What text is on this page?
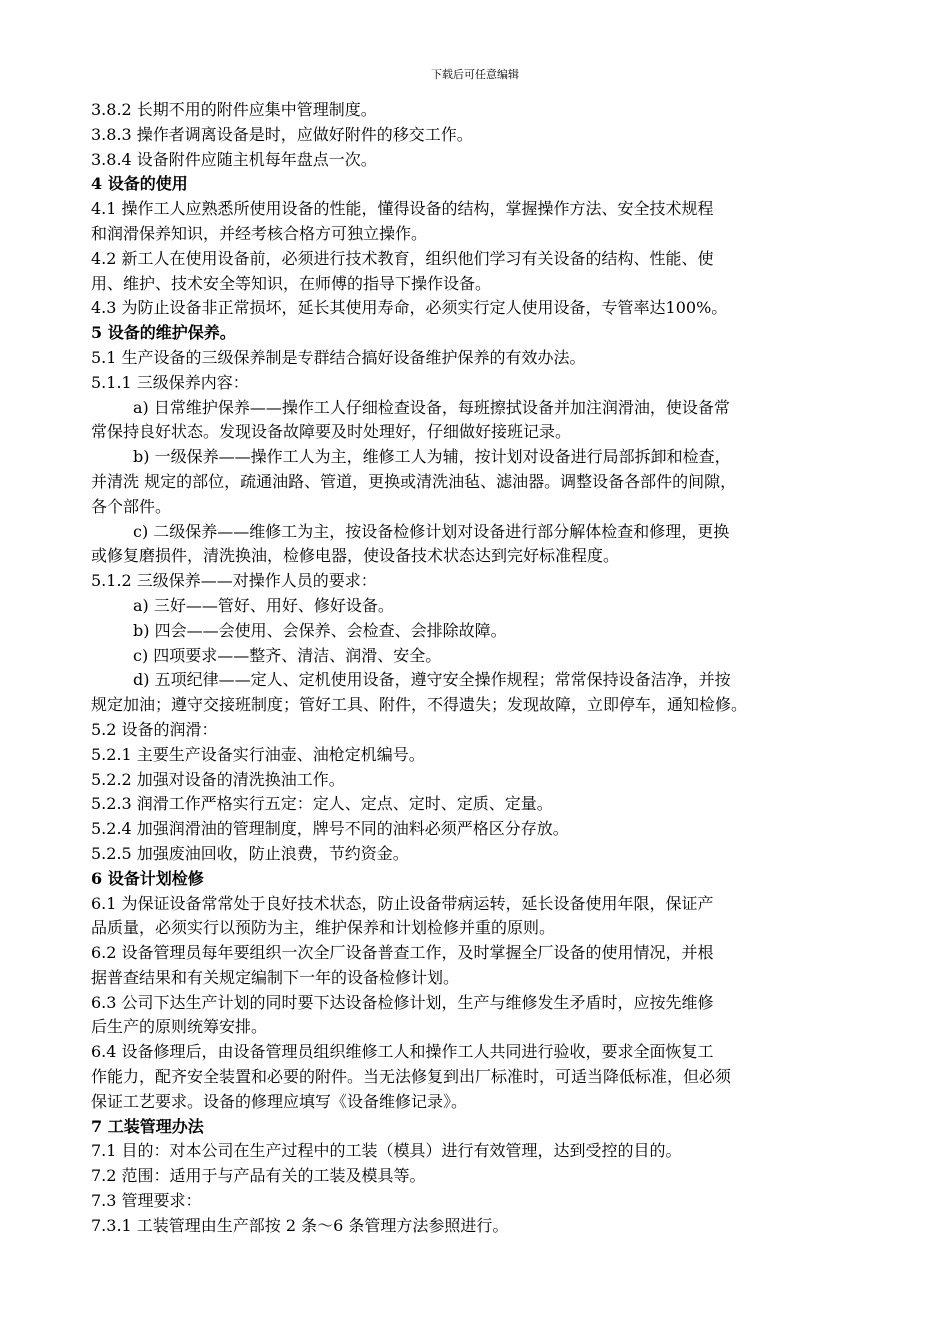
下载后可任意编辑

3.8.2 长期不用的附件应集中管理制度。

3.8.3 操作者调离设备是时，应做好附件的移交工作。

3.8.4 设备附件应随主机每年盘点一次。

4 设备的使用

4.1 操作工人应熟悉所使用设备的性能，懂得设备的结构，掌握操作方法、安全技术规程

和润滑保养知识，并经考核合格方可独立操作。

4.2 新工人在使用设备前，必须进行技术教育，组织他们学习有关设备的结构、性能、使

用、维护、技术安全等知识，在师傅的指导下操作设备。

4.3 为防止设备非正常损坏，延长其使用寿命，必须实行定人使用设备，专管率达100%。

5 设备的维护保养。

5.1 生产设备的三级保养制是专群结合搞好设备维护保养的有效办法。

5.1.1 三级保养内容：

a) 日常维护保养——操作工人仔细检查设备，每班擦拭设备并加注润滑油，使设备常

常保持良好状态。发现设备故障要及时处理好，仔细做好接班记录。

b) 一级保养——操作工人为主，维修工人为辅，按计划对设备进行局部拆卸和检查，

并清洗 规定的部位，疏通油路、管道，更换或清洗油毡、滤油器。调整设备各部件的间隙，

各个部件。

c) 二级保养——维修工为主，按设备检修计划对设备进行部分解体检查和修理，更换

或修复磨损件，清洗换油，检修电器，使设备技术状态达到完好标准程度。

5.1.2 三级保养——对操作人员的要求：

a) 三好——管好、用好、修好设备。

b) 四会——会使用、会保养、会检查、会排除故障。

c) 四项要求——整齐、清洁、润滑、安全。

d) 五项纪律——定人、定机使用设备，遵守安全操作规程；常常保持设备洁净，并按

规定加油；遵守交接班制度；管好工具、附件，不得遗失；发现故障，立即停车，通知检修。

5.2 设备的润滑：

5.2.1 主要生产设备实行油壶、油枪定机编号。

5.2.2 加强对设备的清洗换油工作。

5.2.3 润滑工作严格实行五定：定人、定点、定时、定质、定量。

5.2.4 加强润滑油的管理制度，牌号不同的油料必须严格区分存放。

5.2.5 加强废油回收，防止浪费，节约资金。

6 设备计划检修

6.1 为保证设备常常处于良好技术状态，防止设备带病运转，延长设备使用年限，保证产

品质量，必须实行以预防为主，维护保养和计划检修并重的原则。

6.2 设备管理员每年要组织一次全厂设备普查工作，及时掌握全厂设备的使用情况，并根

据普查结果和有关规定编制下一年的设备检修计划。

6.3 公司下达生产计划的同时要下达设备检修计划，生产与维修发生矛盾时，应按先维修

后生产的原则统筹安排。

6.4 设备修理后，由设备管理员组织维修工人和操作工人共同进行验收，要求全面恢复工

作能力，配齐安全装置和必要的附件。当无法修复到出厂标准时，可适当降低标准，但必须

保证工艺要求。设备的修理应填写《设备维修记录》。

7 工装管理办法

7.1 目的：对本公司在生产过程中的工装（模具）进行有效管理，达到受控的目的。

7.2 范围：适用于与产品有关的工装及模具等。

7.3 管理要求：

7.3.1 工装管理由生产部按 2 条～6 条管理方法参照进行。
